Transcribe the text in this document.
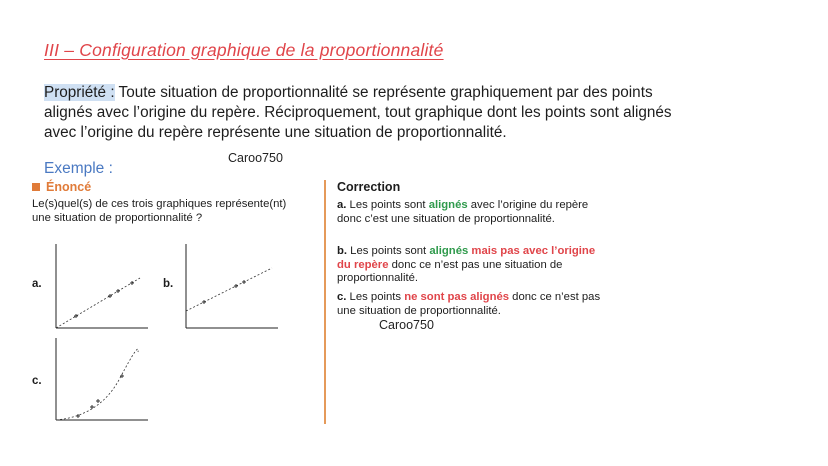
III – Configuration graphique de la proportionnalité
Propriété : Toute situation de proportionnalité se représente graphiquement par des points alignés avec l’origine du repère. Réciproquement, tout graphique dont les points sont alignés avec l’origine du repère représente une situation de proportionnalité.
Exemple :
Caroo750
Énoncé
Le(s)quel(s) de ces trois graphiques représente(nt) une situation de proportionnalité ?
a.	b.
c.
Correction
a. Les points sont alignés avec l’origine du repère donc c’est une situation de proportionnalité.
b. Les points sont alignés mais pas avec l’origine du repère donc ce n’est pas une situation de proportionnalité.
c. Les points ne sont pas alignés donc ce n’est pas une situation de proportionnalité.
Caroo750
